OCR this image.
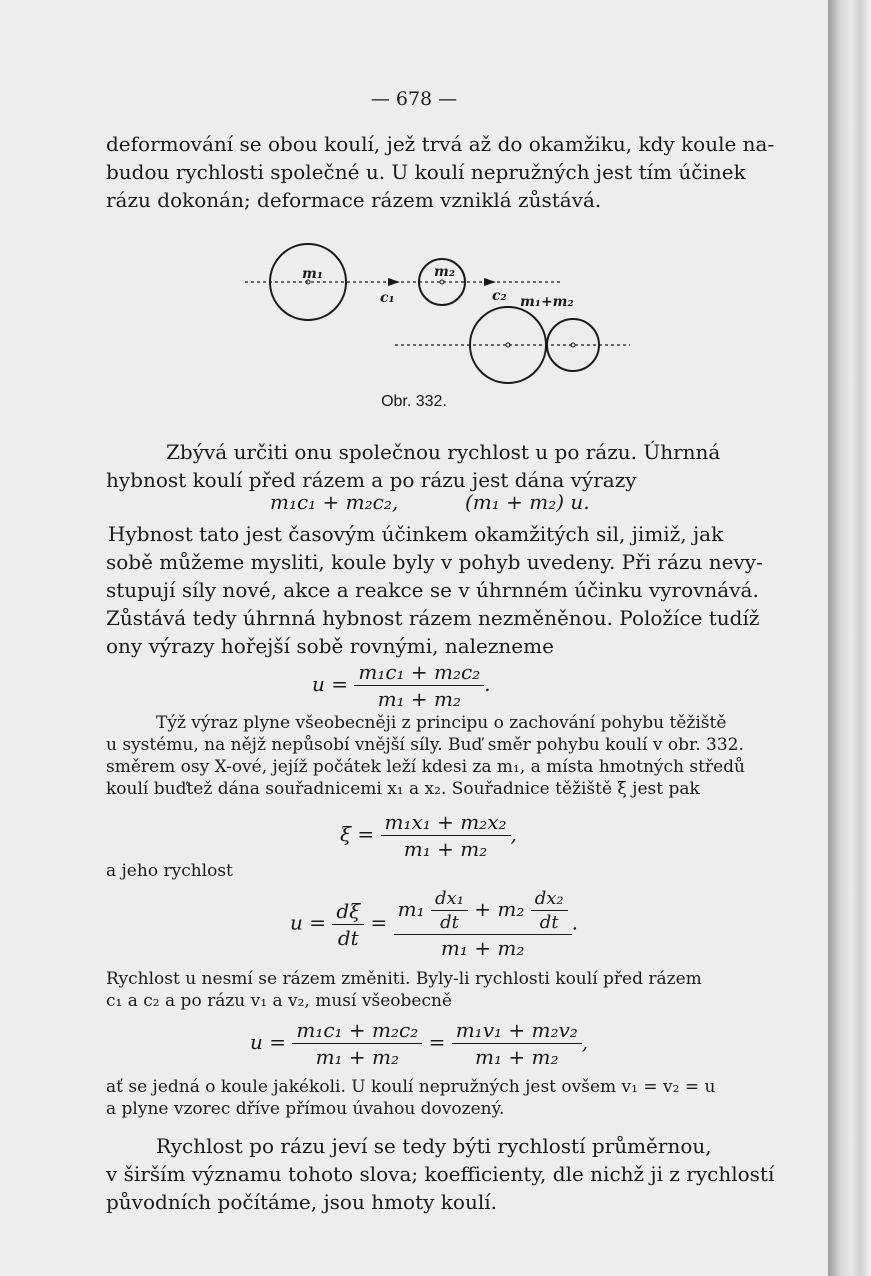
— 678 —
deformování se obou koulí, jež trvá až do okamžiku, kdy koule na-
budou rychlosti společné u. U koulí nepružných jest tím účinek
rázu dokonán; deformace rázem vzniklá zůstává.
m₁	m₂
c₁	c₂ m₁+m₂
Obr. 332.
Zbývá určiti onu společnou rychlost u po rázu. Úhrnná
hybnost koulí před rázem a po rázu jest dána výrazy
m₁c₁ + m₂c₂,	(m₁ + m₂) u.
Hybnost tato jest časovým účinkem okamžitých sil, jimiž, jak
sobě můžeme mysliti, koule byly v pohyb uvedeny. Při rázu nevy-
stupují síly nové, akce a reakce se v úhrnném účinku vyrovnává.
Zůstává tedy úhrnná hybnost rázem nezměněnou. Položíce tudíž
ony výrazy hořejší sobě rovnými, nalezneme
$u = \frac{\text{m₁c₁ + m₂c₂}}{\text{m₁ + m₂}}$ .
Týž výraz plyne všeobecněji z principu o zachování pohybu těžiště
u systému, na nějž nepůsobí vnější síly. Buď směr pohybu koulí v obr. 332.
směrem osy X-ové, jejíž počátek leží kdesi za m₁, a místa hmotných středů
koulí buďtež dána souřadnicemi x₁ a x₂. Souřadnice těžiště ξ jest pak
$\xi = \frac{\text{m₁x₁ + m₂x₂}}{\text{m₁ + m₂}}$ ,
a jeho rychlost
$u = \frac{d\xi}{dt}$ =
$m_1 \frac{\text{dx₁}}{dt} + m_2 \frac{\text{dx₂}}{dt}$
m₁ + m₂
.
Rychlost u nesmí se rázem změniti. Byly-li rychlosti koulí před rázem
c₁ a c₂ a po rázu v₁ a v₂, musí všeobecně
$u = \frac{\text{m₁c₁ + m₂c₂}}{\text{m₁ + m₂}} = \frac{\text{m₁v₁ + m₂v₂}}{\text{m₁ + m₂}}$ ,
ať se jedná o koule jakékoli. U koulí nepružných jest ovšem v₁ = v₂ = u
a plyne vzorec dříve přímou úvahou dovozený.
Rychlost po rázu jeví se tedy býti rychlostí průměrnou,
v širším významu tohoto slova; koefficienty, dle nichž ji z rychlostí
původních počítáme, jsou hmoty koulí.
